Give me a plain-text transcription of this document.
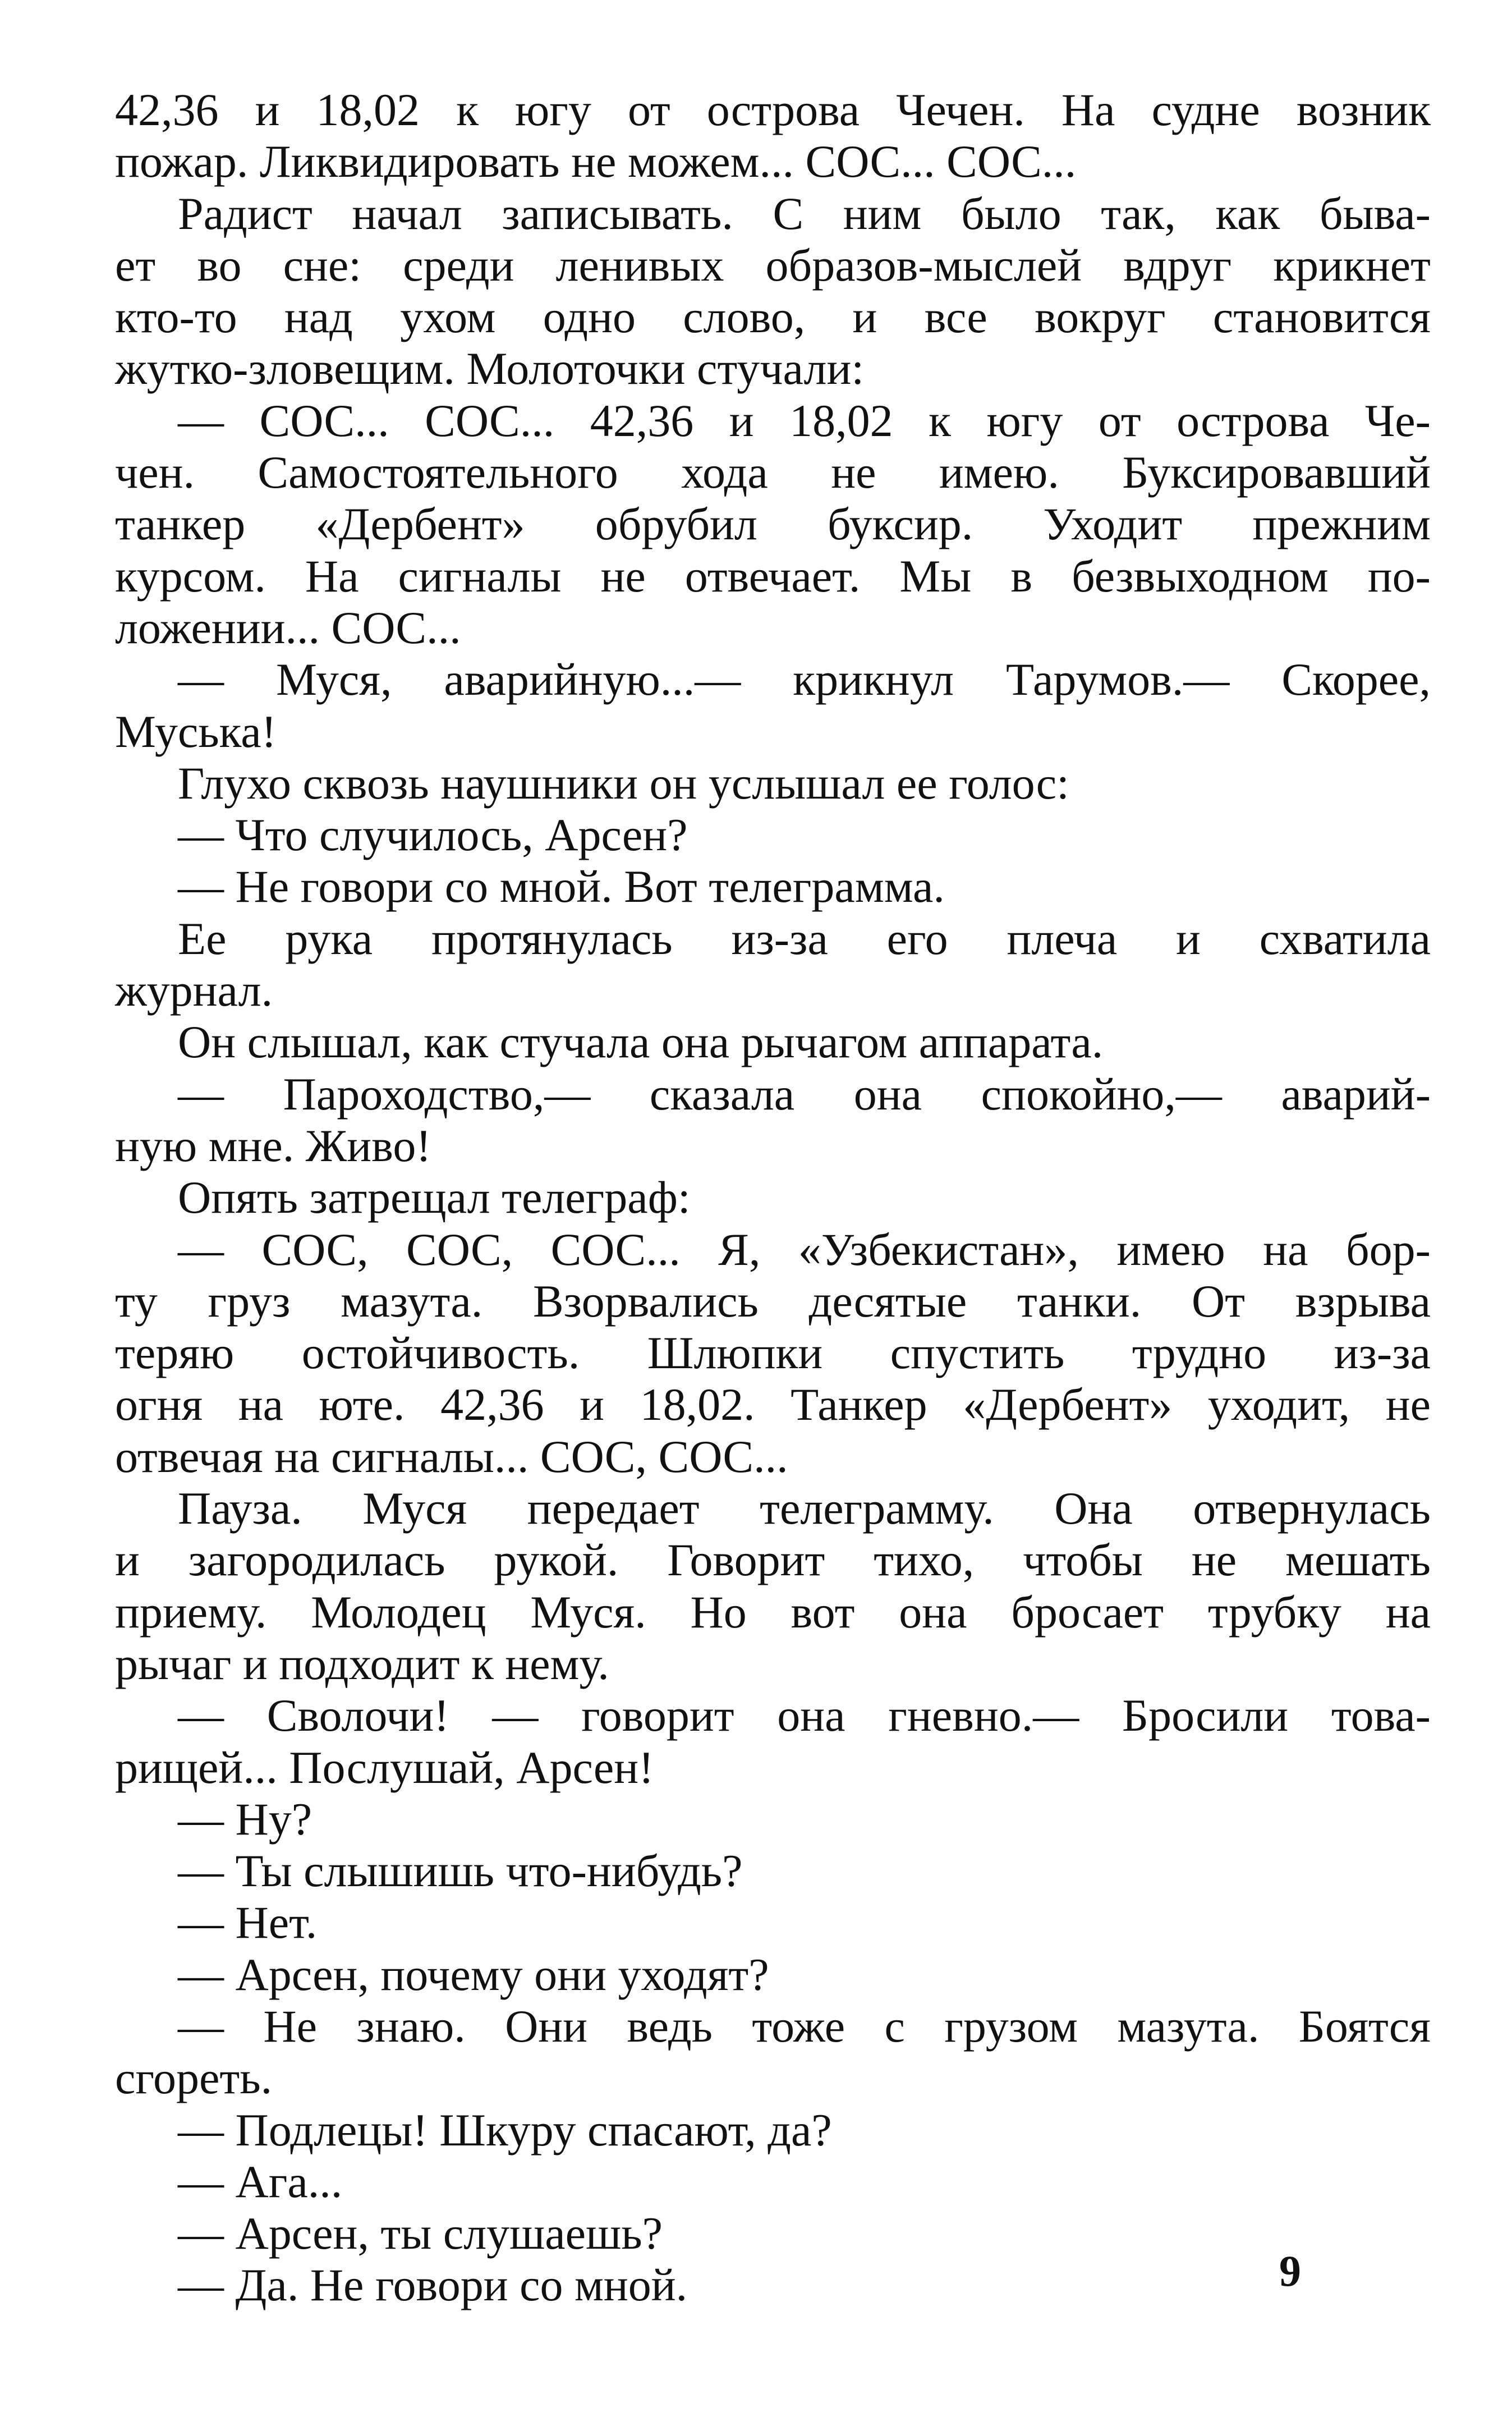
42,36 и 18,02 к югу от острова Чечен. На судне возник
пожар. Ликвидировать не можем... СОС... СОС...
Радист начал записывать. С ним было так, как быва-
ет во сне: среди ленивых образов-мыслей вдруг крикнет
кто-то над ухом одно слово, и все вокруг становится
жутко-зловещим. Молоточки стучали:
— СОС... СОС... 42,36 и 18,02 к югу от острова Че-
чен. Самостоятельного хода не имею. Буксировавший
танкер «Дербент» обрубил буксир. Уходит прежним
курсом. На сигналы не отвечает. Мы в безвыходном по-
ложении... СОС...
— Муся, аварийную...— крикнул Тарумов.— Скорее,
Муська!
Глухо сквозь наушники он услышал ее голос:
— Что случилось, Арсен?
— Не говори со мной. Вот телеграмма.
Ее рука протянулась из-за его плеча и схватила
журнал.
Он слышал, как стучала она рычагом аппарата.
— Пароходство,— сказала она спокойно,— аварий-
ную мне. Живо!
Опять затрещал телеграф:
— СОС, СОС, СОС... Я, «Узбекистан», имею на бор-
ту груз мазута. Взорвались десятые танки. От взрыва
теряю остойчивость. Шлюпки спустить трудно из-за
огня на юте. 42,36 и 18,02. Танкер «Дербент» уходит, не
отвечая на сигналы... СОС, СОС...
Пауза. Муся передает телеграмму. Она отвернулась
и загородилась рукой. Говорит тихо, чтобы не мешать
приему. Молодец Муся. Но вот она бросает трубку на
рычаг и подходит к нему.
— Сволочи! — говорит она гневно.— Бросили това-
рищей... Послушай, Арсен!
— Ну?
— Ты слышишь что-нибудь?
— Нет.
— Арсен, почему они уходят?
— Не знаю. Они ведь тоже с грузом мазута. Боятся
сгореть.
— Подлецы! Шкуру спасают, да?
— Ага...
— Арсен, ты слушаешь?
— Да. Не говори со мной.	9
